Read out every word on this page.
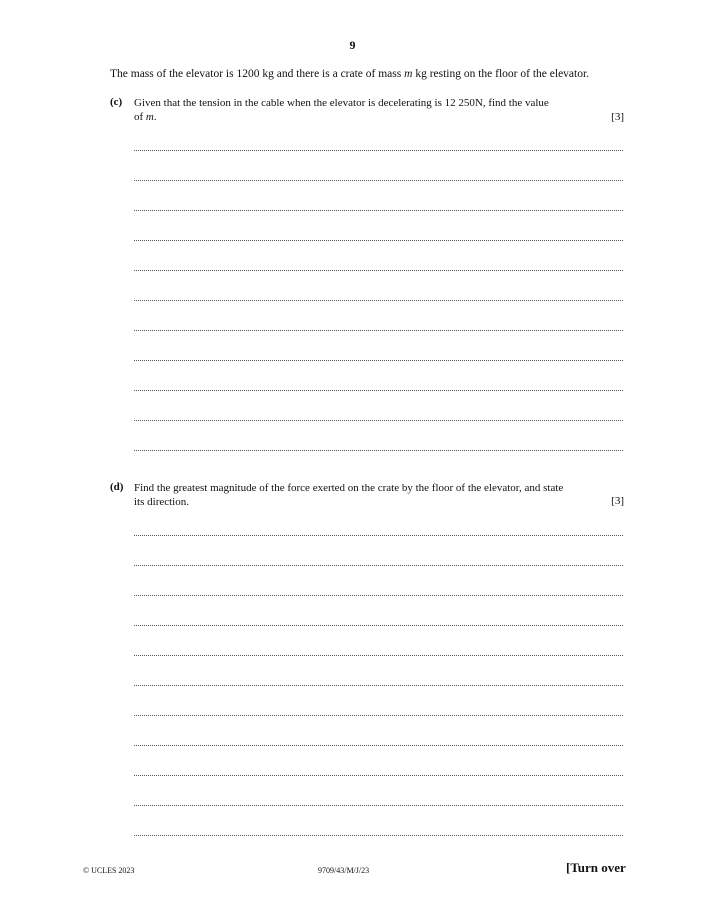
9
The mass of the elevator is 1200 kg and there is a crate of mass m kg resting on the floor of the elevator.
(c) Given that the tension in the cable when the elevator is decelerating is 12 250N, find the value
of m.	[3]
(d) Find the greatest magnitude of the force exerted on the crate by the floor of the elevator, and state
its direction.	[3]
© UCLES 2023	9709/43/M/J/23	[Turn over
